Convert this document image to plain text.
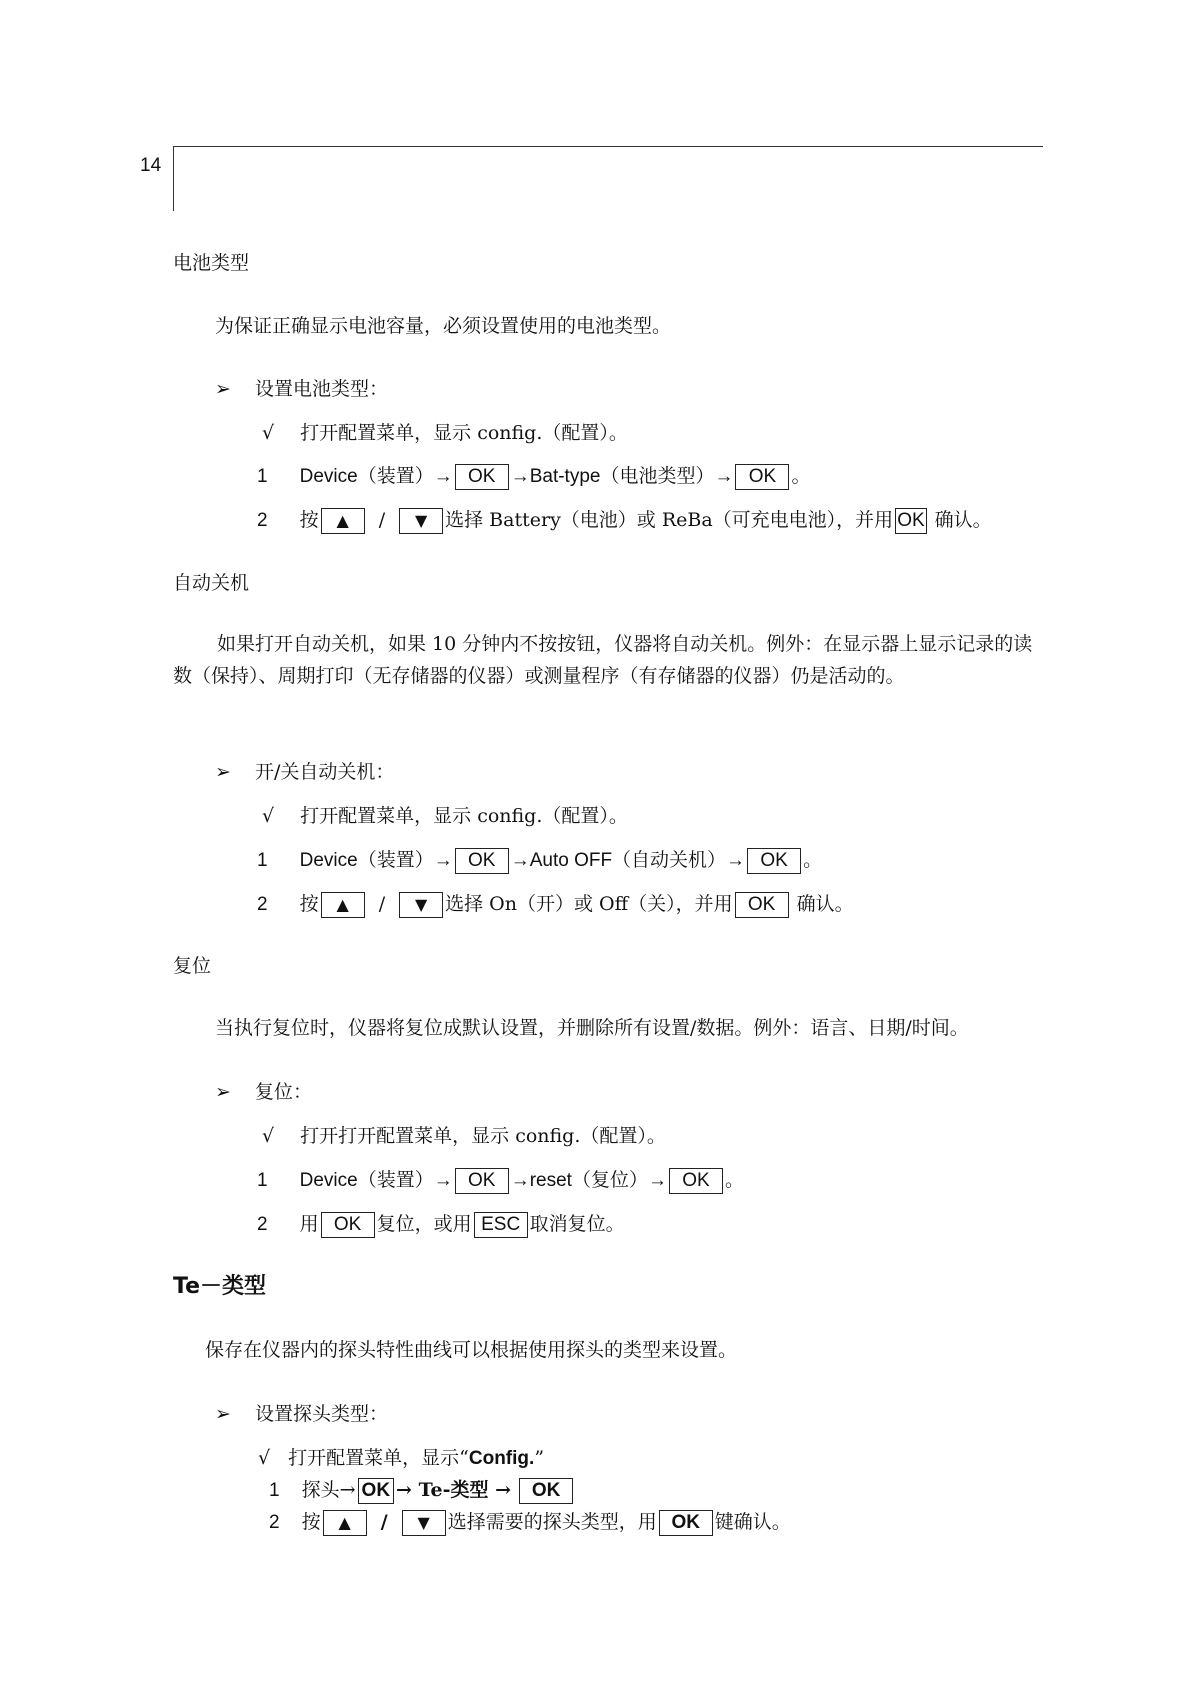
14
电池类型
为保证正确显示电池容量，必须设置使用的电池类型。
➢ 设置电池类型：
√ 打开配置菜单，显示 config.（配置）。
1 Device（装置）→ OK →Bat-type（电池类型）→ OK 。
2 按 ▲ / ▼ 选择 Battery（电池）或 ReBa（可充电电池），并用 OK 确认。
自动关机
如果打开自动关机，如果 10 分钟内不按按钮，仪器将自动关机。例外：在显示器上显示记录的读数（保持）、周期打印（无存储器的仪器）或测量程序（有存储器的仪器）仍是活动的。
➢ 开/关自动关机：
√ 打开配置菜单，显示 config.（配置）。
1 Device（装置）→ OK →Auto OFF（自动关机）→ OK 。
2 按 ▲ / ▼ 选择 On（开）或 Off（关），并用 OK 确认。
复位
当执行复位时，仪器将复位成默认设置，并删除所有设置/数据。例外：语言、日期/时间。
➢ 复位：
√ 打开打开配置菜单，显示 config.（配置）。
1 Device（装置）→ OK →reset（复位）→ OK 。
2 用 OK 复位，或用 ESC 取消复位。
Te－类型
保存在仪器内的探头特性曲线可以根据使用探头的类型来设置。
➢ 设置探头类型：
√ 打开配置菜单，显示“Config.”
1 探头→ OK → Te-类型 → OK
2 按 ▲ / ▼ 选择需要的探头类型，用 OK 键确认。
